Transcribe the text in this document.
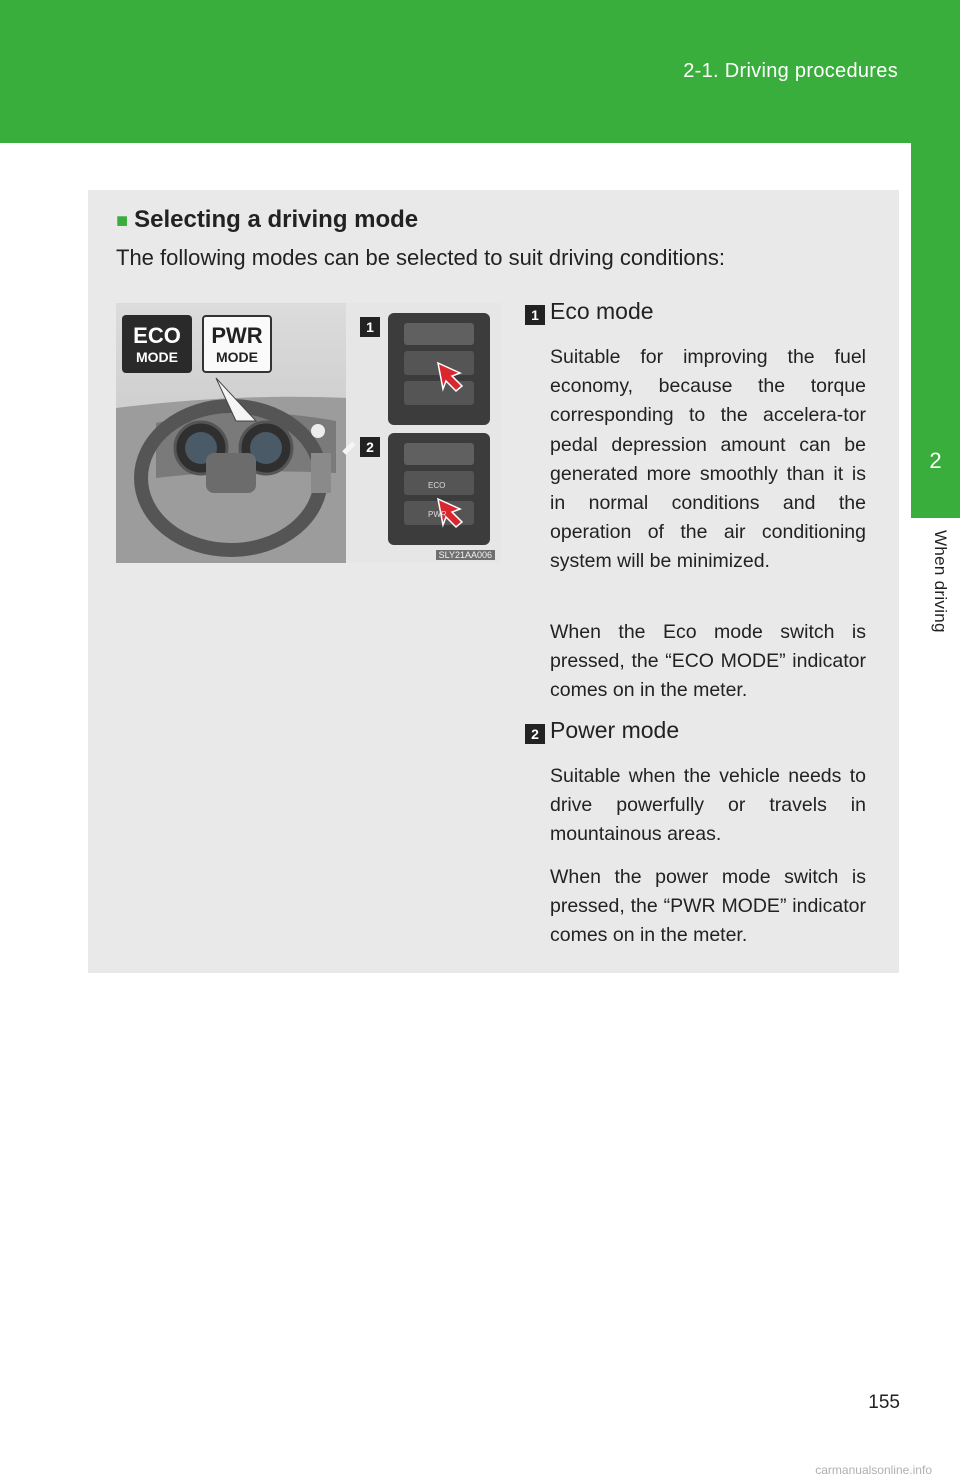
2-1. Driving procedures
2
When driving
■ Selecting a driving mode
The following modes can be selected to suit driving conditions:
ECO
PWR
ECO
MODE
PWR
MODE
1
2
SLY21AA006
1 Eco mode
Suitable for improving the fuel economy, because the torque corresponding to the accelera-tor pedal depression amount can be generated more smoothly than it is in normal conditions and the operation of the air conditioning system will be minimized.
When the Eco mode switch is pressed, the “ECO MODE” indicator comes on in the meter.
2 Power mode
Suitable when the vehicle needs to drive powerfully or travels in mountainous areas.
When the power mode switch is pressed, the “PWR MODE” indicator comes on in the meter.
155
carmanualsonline.info
